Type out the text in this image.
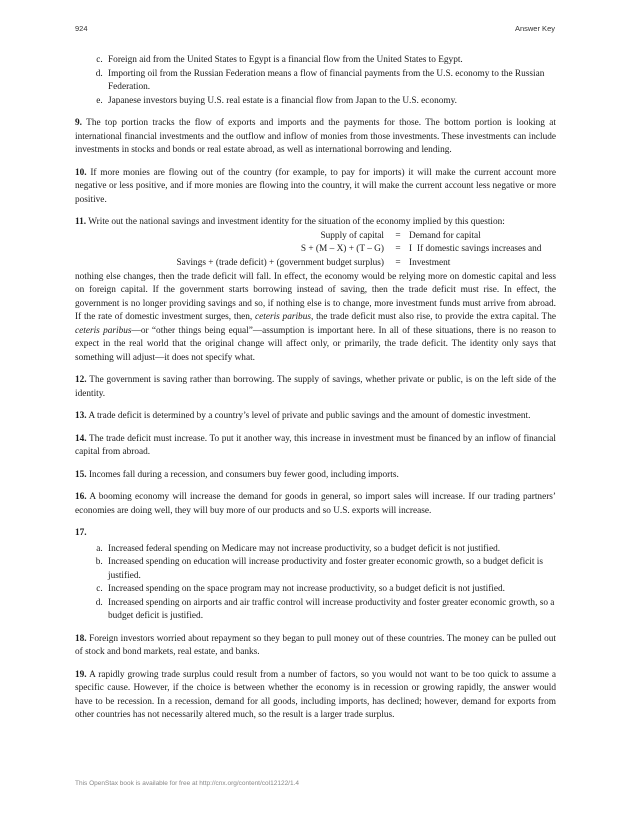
924	Answer Key
c. Foreign aid from the United States to Egypt is a financial flow from the United States to Egypt.
d. Importing oil from the Russian Federation means a flow of financial payments from the U.S. economy to the Russian Federation.
e. Japanese investors buying U.S. real estate is a financial flow from Japan to the U.S. economy.

9. The top portion tracks the flow of exports and imports and the payments for those. The bottom portion is looking at international financial investments and the outflow and inflow of monies from those investments. These investments can include investments in stocks and bonds or real estate abroad, as well as international borrowing and lending.

10. If more monies are flowing out of the country (for example, to pay for imports) it will make the current account more negative or less positive, and if more monies are flowing into the country, it will make the current account less negative or more positive.

11. Write out the national savings and investment identity for the situation of the economy implied by this question:

Supply of capital	= Demand for capital
S + (M – X) + (T – G)	= I If domestic savings increases and
Savings + (trade deficit) + (government budget surplus)	= Investment

nothing else changes, then the trade deficit will fall. In effect, the economy would be relying more on domestic capital and less on foreign capital. If the government starts borrowing instead of saving, then the trade deficit must rise. In effect, the government is no longer providing savings and so, if nothing else is to change, more investment funds must arrive from abroad. If the rate of domestic investment surges, then, ceteris paribus, the trade deficit must also rise, to provide the extra capital. The ceteris paribus—or “other things being equal”—assumption is important here. In all of these situations, there is no reason to expect in the real world that the original change will affect only, or primarily, the trade deficit. The identity only says that something will adjust—it does not specify what.

12. The government is saving rather than borrowing. The supply of savings, whether private or public, is on the left side of the identity.

13. A trade deficit is determined by a country’s level of private and public savings and the amount of domestic investment.

14. The trade deficit must increase. To put it another way, this increase in investment must be financed by an inflow of financial capital from abroad.

15. Incomes fall during a recession, and consumers buy fewer good, including imports.

16. A booming economy will increase the demand for goods in general, so import sales will increase. If our trading partners’ economies are doing well, they will buy more of our products and so U.S. exports will increase.

17.

a. Increased federal spending on Medicare may not increase productivity, so a budget deficit is not justified.
b. Increased spending on education will increase productivity and foster greater economic growth, so a budget deficit is justified.
c. Increased spending on the space program may not increase productivity, so a budget deficit is not justified.
d. Increased spending on airports and air traffic control will increase productivity and foster greater economic growth, so a budget deficit is justified.

18. Foreign investors worried about repayment so they began to pull money out of these countries. The money can be pulled out of stock and bond markets, real estate, and banks.

19. A rapidly growing trade surplus could result from a number of factors, so you would not want to be too quick to assume a specific cause. However, if the choice is between whether the economy is in recession or growing rapidly, the answer would have to be recession. In a recession, demand for all goods, including imports, has declined; however, demand for exports from other countries has not necessarily altered much, so the result is a larger trade surplus.

This OpenStax book is available for free at http://cnx.org/content/col12122/1.4
